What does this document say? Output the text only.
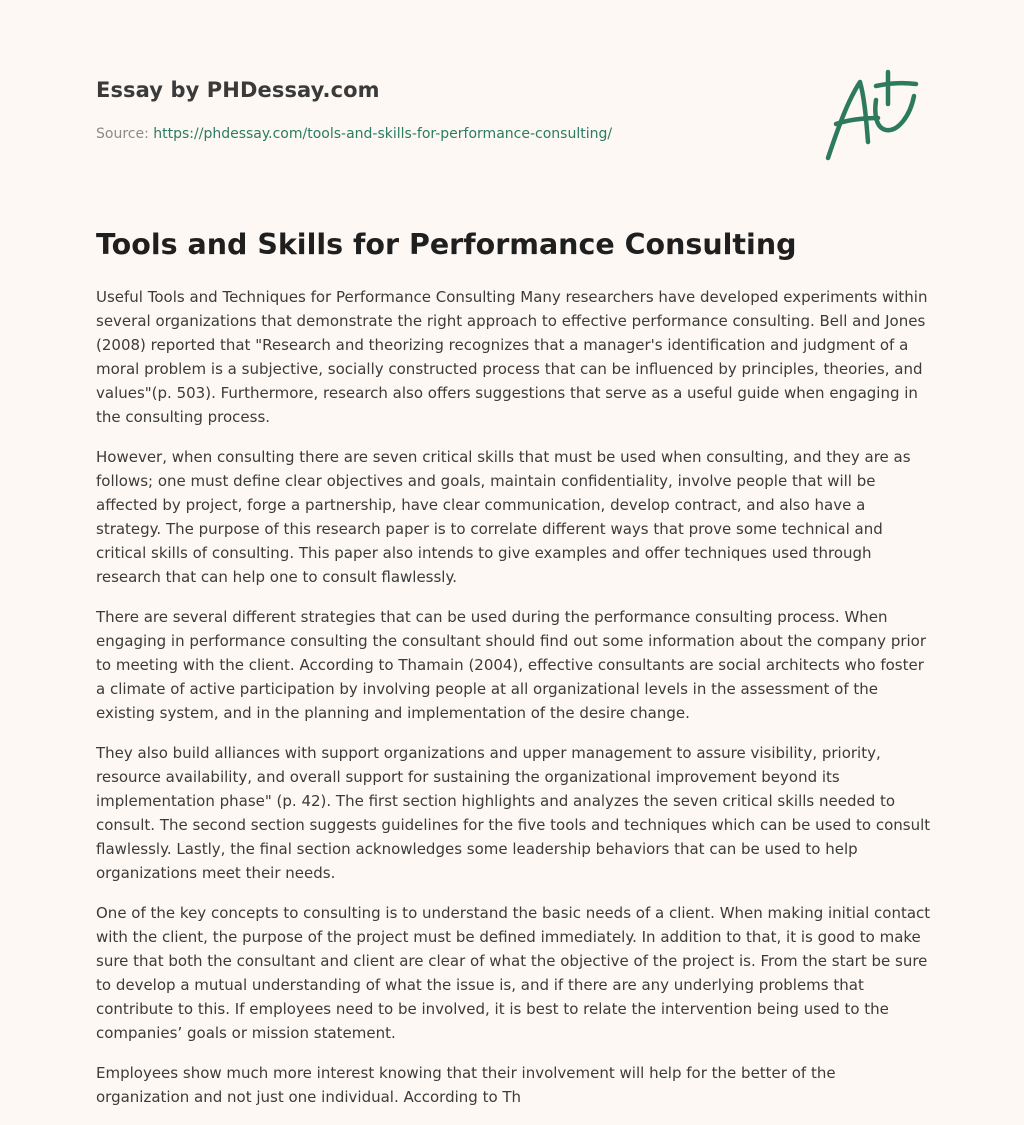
Essay by PHDessay.com

Source: https://phdessay.com/tools-and-skills-for-performance-consulting/
Tools and Skills for Performance Consulting

Useful Tools and Techniques for Performance Consulting Many researchers have developed experiments within several organizations that demonstrate the right approach to effective performance consulting. Bell and Jones (2008) reported that "Research and theorizing recognizes that a manager's identification and judgment of a moral problem is a subjective, socially constructed process that can be influenced by principles, theories, and values"(p. 503). Furthermore, research also offers suggestions that serve as a useful guide when engaging in the consulting process.

However, when consulting there are seven critical skills that must be used when consulting, and they are as follows; one must define clear objectives and goals, maintain confidentiality, involve people that will be affected by project, forge a partnership, have clear communication, develop contract, and also have a strategy. The purpose of this research paper is to correlate different ways that prove some technical and critical skills of consulting. This paper also intends to give examples and offer techniques used through research that can help one to consult flawlessly.

There are several different strategies that can be used during the performance consulting process. When engaging in performance consulting the consultant should find out some information about the company prior to meeting with the client. According to Thamain (2004), effective consultants are social architects who foster a climate of active participation by involving people at all organizational levels in the assessment of the existing system, and in the planning and implementation of the desire change.

They also build alliances with support organizations and upper management to assure visibility, priority, resource availability, and overall support for sustaining the organizational improvement beyond its implementation phase" (p. 42). The first section highlights and analyzes the seven critical skills needed to consult. The second section suggests guidelines for the five tools and techniques which can be used to consult flawlessly. Lastly, the final section acknowledges some leadership behaviors that can be used to help organizations meet their needs.

One of the key concepts to consulting is to understand the basic needs of a client. When making initial contact with the client, the purpose of the project must be defined immediately. In addition to that, it is good to make sure that both the consultant and client are clear of what the objective of the project is. From the start be sure to develop a mutual understanding of what the issue is, and if there are any underlying problems that contribute to this. If employees need to be involved, it is best to relate the intervention being used to the companies’ goals or mission statement.

Employees show much more interest knowing that their involvement will help for the better of the organization and not just one individual. According to Th
